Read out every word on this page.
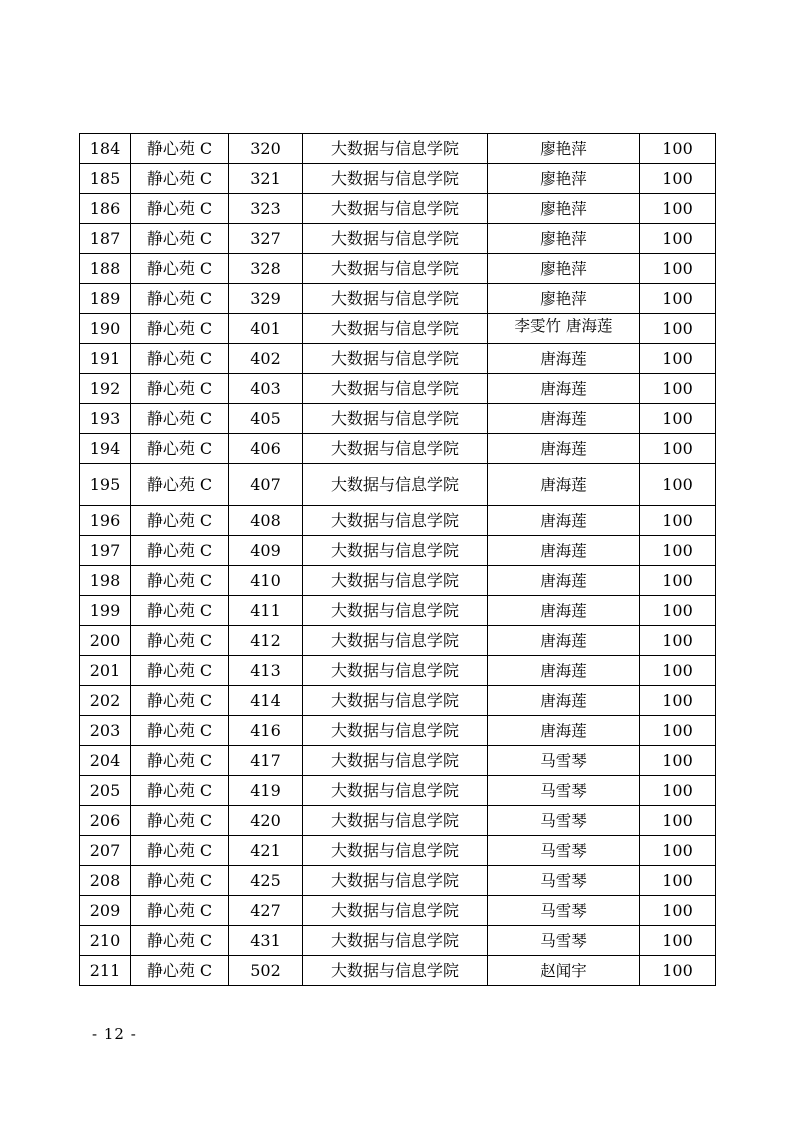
184	静心苑 C	320	大数据与信息学院	廖艳萍	100
185	静心苑 C	321	大数据与信息学院	廖艳萍	100
186	静心苑 C	323	大数据与信息学院	廖艳萍	100
187	静心苑 C	327	大数据与信息学院	廖艳萍	100
188	静心苑 C	328	大数据与信息学院	廖艳萍	100
189	静心苑 C	329	大数据与信息学院	廖艳萍	100
190	静心苑 C	401	大数据与信息学院	李雯竹 唐海莲	100
191	静心苑 C	402	大数据与信息学院	唐海莲	100
192	静心苑 C	403	大数据与信息学院	唐海莲	100
193	静心苑 C	405	大数据与信息学院	唐海莲	100
194	静心苑 C	406	大数据与信息学院	唐海莲	100
195	静心苑 C	407	大数据与信息学院	唐海莲	100
196	静心苑 C	408	大数据与信息学院	唐海莲	100
197	静心苑 C	409	大数据与信息学院	唐海莲	100
198	静心苑 C	410	大数据与信息学院	唐海莲	100
199	静心苑 C	411	大数据与信息学院	唐海莲	100
200	静心苑 C	412	大数据与信息学院	唐海莲	100
201	静心苑 C	413	大数据与信息学院	唐海莲	100
202	静心苑 C	414	大数据与信息学院	唐海莲	100
203	静心苑 C	416	大数据与信息学院	唐海莲	100
204	静心苑 C	417	大数据与信息学院	马雪琴	100
205	静心苑 C	419	大数据与信息学院	马雪琴	100
206	静心苑 C	420	大数据与信息学院	马雪琴	100
207	静心苑 C	421	大数据与信息学院	马雪琴	100
208	静心苑 C	425	大数据与信息学院	马雪琴	100
209	静心苑 C	427	大数据与信息学院	马雪琴	100
210	静心苑 C	431	大数据与信息学院	马雪琴	100
211	静心苑 C	502	大数据与信息学院	赵闻宇	100
- 12 -
